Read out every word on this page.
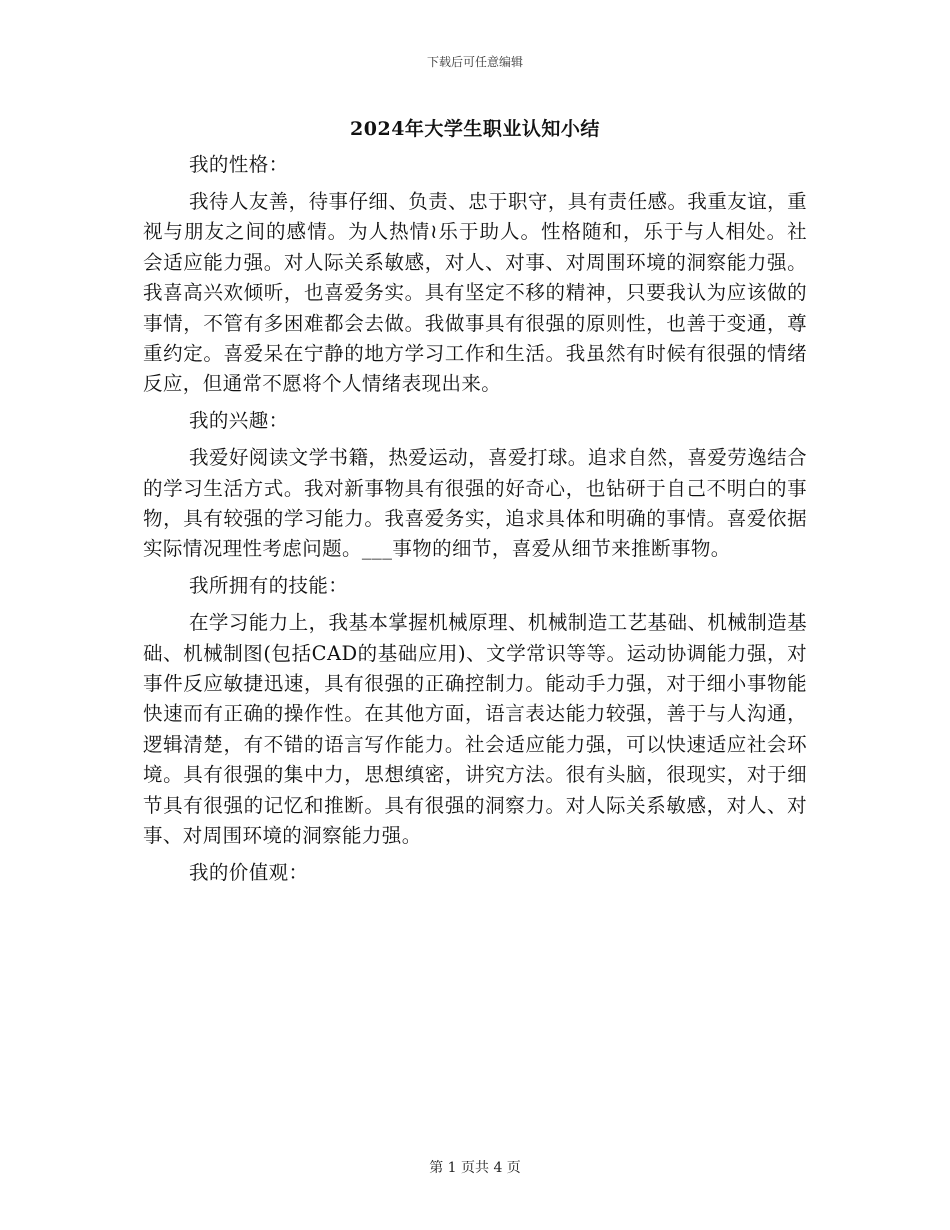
下载后可任意编辑
2024年大学生职业认知小结

我的性格：

我待人友善，待事仔细、负责、忠于职守，具有责任感。我重友谊，重视与朋友之间的感情。为人热情≀乐于助人。性格随和，乐于与人相处。社会适应能力强。对人际关系敏感，对人、对事、对周围环境的洞察能力强。我喜高兴欢倾听，也喜爱务实。具有坚定不移的精神，只要我认为应该做的事情，不管有多困难都会去做。我做事具有很强的原则性，也善于变通，尊重约定。喜爱呆在宁静的地方学习工作和生活。我虽然有时候有很强的情绪反应，但通常不愿将个人情绪表现出来。

我的兴趣：

我爱好阅读文学书籍，热爱运动，喜爱打球。追求自然，喜爱劳逸结合的学习生活方式。我对新事物具有很强的好奇心，也钻研于自己不明白的事物，具有较强的学习能力。我喜爱务实，追求具体和明确的事情。喜爱依据实际情况理性考虑问题。___事物的细节，喜爱从细节来推断事物。

我所拥有的技能：

在学习能力上，我基本掌握机械原理、机械制造工艺基础、机械制造基础、机械制图(包括CAD的基础应用)、文学常识等等。运动协调能力强，对事件反应敏捷迅速，具有很强的正确控制力。能动手力强，对于细小事物能快速而有正确的操作性。在其他方面，语言表达能力较强，善于与人沟通，逻辑清楚，有不错的语言写作能力。社会适应能力强，可以快速适应社会环境。具有很强的集中力，思想缜密，讲究方法。很有头脑，很现实，对于细节具有很强的记忆和推断。具有很强的洞察力。对人际关系敏感，对人、对事、对周围环境的洞察能力强。

我的价值观：

第 1 页共 4 页
